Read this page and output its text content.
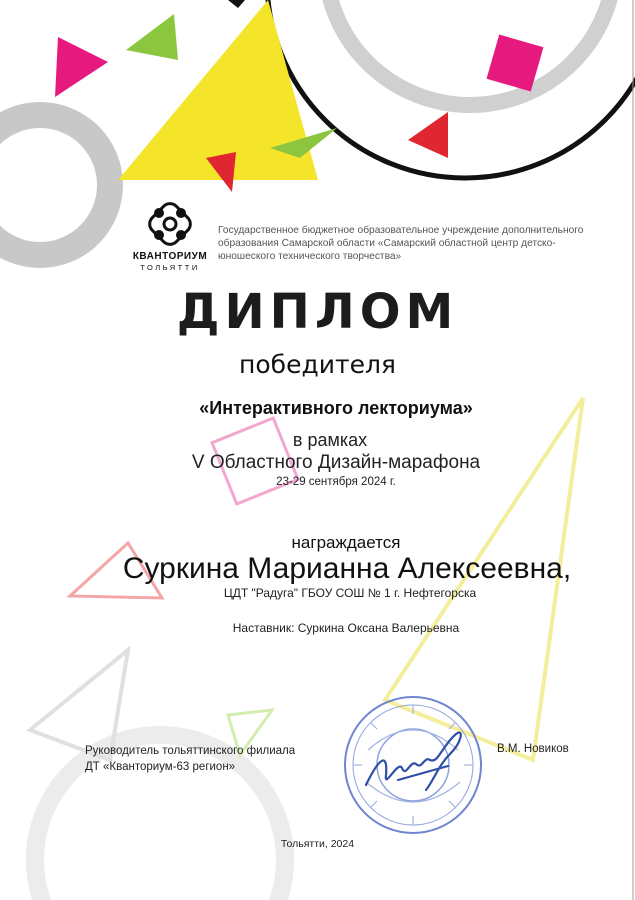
КВАНТОРИУМ
ТОЛЬЯТТИ
Государственное бюджетное образовательное учреждение дополнительного образования Самарской области «Самарский областной центр детско-юношеского технического творчества»
ДИПЛОМ
победителя
«Интерактивного лекториума»
в рамках
V Областного Дизайн-марафона
23-29 сентября 2024 г.
награждается
Суркина Марианна Алексеевна,
ЦДТ "Радуга" ГБОУ СОШ № 1 г. Нефтегорска
Наставник: Суркина Оксана Валерьевна
Руководитель тольяттинского филиала
ДТ «Кванториум-63 регион»
В.М. Новиков
Тольятти, 2024
